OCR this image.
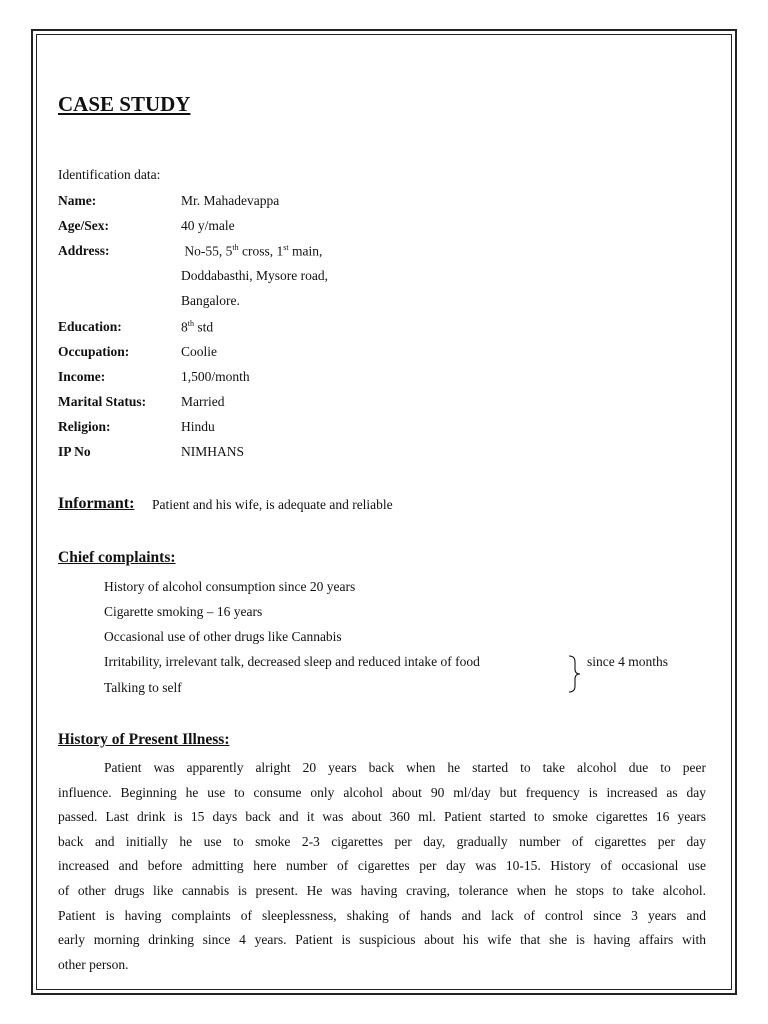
CASE STUDY
Identification data:
Name:	Mr. Mahadevappa
Age/Sex:	40 y/male
Address:	No-55, 5th cross, 1st main,
Doddabasthi, Mysore road,
Bangalore.
Education:	8th std
Occupation:	Coolie
Income:	1,500/month
Marital Status:	Married
Religion:	Hindu
IP No	NIMHANS
Informant: Patient and his wife, is adequate and reliable
Chief complaints:
History of alcohol consumption since 20 years
Cigarette smoking – 16 years
Occasional use of other drugs like Cannabis
Irritability, irrelevant talk, decreased sleep and reduced intake of food
Talking to self
since 4 months
History of Present Illness:
Patient was apparently alright 20 years back when he started to take alcohol due to peer
influence. Beginning he use to consume only alcohol about 90 ml/day but frequency is increased as day
passed. Last drink is 15 days back and it was about 360 ml. Patient started to smoke cigarettes 16 years
back and initially he use to smoke 2-3 cigarettes per day, gradually number of cigarettes per day
increased and before admitting here number of cigarettes per day was 10-15. History of occasional use
of other drugs like cannabis is present. He was having craving, tolerance when he stops to take alcohol.
Patient is having complaints of sleeplessness, shaking of hands and lack of control since 3 years and
early morning drinking since 4 years. Patient is suspicious about his wife that she is having affairs with
other person.
